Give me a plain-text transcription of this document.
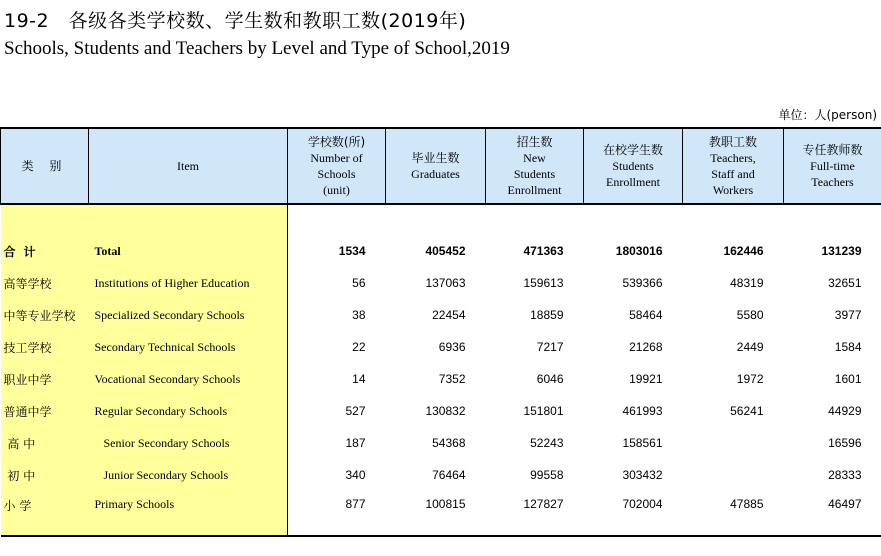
19-2　各级各类学校数、学生数和教职工数(2019年)
Schools, Students and Teachers by Level and Type of School,2019
单位：人(person)
类 别	Item	学校数(所)
Number of
Schools
(unit)	毕业生数
Graduates	招生数
New
Students
Enrollment	在校学生数
Students
Enrollment	教职工数
Teachers,
Staff and
Workers	专任教师数
Full-time
Teachers

合计	Total	1534	405452	471363	1803016	162446	131239
高等学校	Institutions of Higher Education	56	137063	159613	539366	48319	32651
中等专业学校	Specialized Secondary Schools	38	22454	18859	58464	5580	3977
技工学校	Secondary Technical Schools	22	6936	7217	21268	2449	1584
职业中学	Vocational Secondary Schools	14	7352	6046	19921	1972	1601
普通中学	Regular Secondary Schools	527	130832	151801	461993	56241	44929
高 中	Senior Secondary Schools	187	54368	52243	158561		16596
初 中	Junior Secondary Schools	340	76464	99558	303432		28333
小 学	Primary Schools	877	100815	127827	702004	47885	46497
